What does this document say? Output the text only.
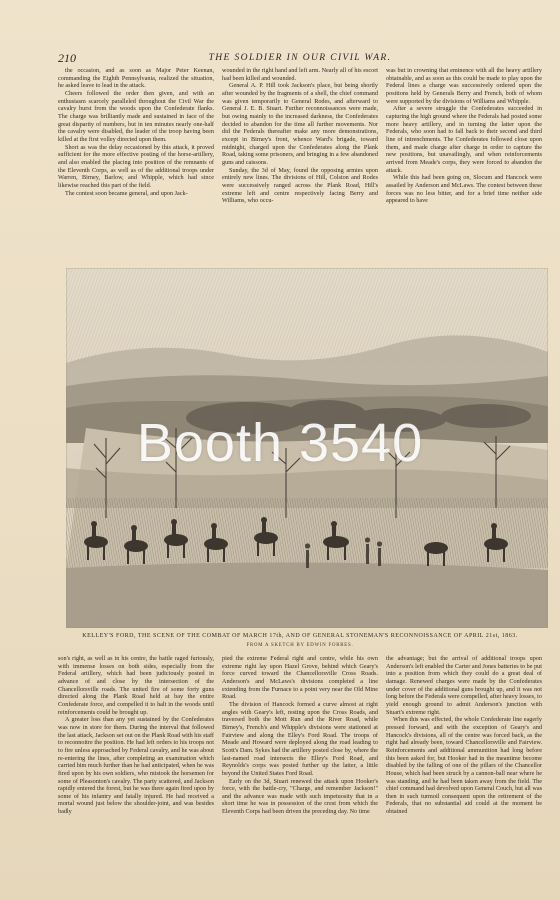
210	THE SOLDIER IN OUR CIVIL WAR.

the occasion, and as soon as Major Peter Keenan, commanding the Eighth Pennsylvania, realized the situation, he asked leave to lead in the attack.

Cheers followed the order then given, and with an enthusiasm scarcely paralleled throughout the Civil War the cavalry burst from the woods upon the Confederate flanks. The charge was brilliantly made and sustained in face of the great disparity of numbers, but in ten minutes nearly one-half the cavalry were disabled, the leader of the troop having been killed at the first volley directed upon them.

Short as was the delay occasioned by this attack, it proved sufficient for the more effective posting of the horse-artillery, and also enabled the placing into position of the remnants of the Eleventh Corps, as well as of the additional troops under Warren, Birney, Barlow, and Whipple, which had since likewise reached this part of the field.

The contest soon became general, and upon Jack-

wounded in the right hand and left arm. Nearly all of his escort had been killed and wounded.

General A. P. Hill took Jackson's place, but being shortly after wounded by the fragments of a shell, the chief command was given temporarily to General Rodes, and afterward to General J. E. B. Stuart. Further reconnoissances were made, but owing mainly to the increased darkness, the Confederates decided to abandon for the time all further movements. Nor did the Federals thereafter make any more demonstrations, except in Birney's front, whence Ward's brigade, toward midnight, charged upon the Confederates along the Plank Road, taking some prisoners, and bringing in a few abandoned guns and caissons.

Sunday, the 3d of May, found the opposing armies upon entirely new lines. The divisions of Hill, Colston and Rodes were successively ranged across the Plank Road, Hill's extreme left and centre respectively facing Berry and Williams, who occu-

was but in crowning that eminence with all the heavy artillery obtainable, and as soon as this could be made to play upon the Federal lines a charge was successively ordered upon the positions held by Generals Berry and French, both of whom were supported by the divisions of Williams and Whipple.

After a severe struggle the Confederates succeeded in capturing the high ground where the Federals had posted some more heavy artillery, and in turning the latter upon the Federals, who soon had to fall back to their second and third line of intrenchments. The Confederates followed close upon them, and made charge after charge in order to capture the new positions, but unavailingly, and when reinforcements arrived from Meade's corps, they were forced to abandon the attack.

While this had been going on, Slocum and Hancock were assailed by Anderson and McLaws. The contest between these forces was no less bitter, and for a brief time neither side appeared to have

KELLEY'S FORD, THE SCENE OF THE COMBAT OF MARCH 17th, AND OF GENERAL STONEMAN'S RECONNOISSANCE OF APRIL 21st, 1863.
FROM A SKETCH BY EDWIN FORBES.

son's right, as well as in his centre, the battle raged furiously, with immense losses on both sides, especially from the Federal artillery, which had been judiciously posted in advance of and close by the intersection of the Chancellorsville roads. The united fire of some forty guns directed along the Plank Road held at bay the entire Confederate force, and compelled it to halt in the woods until reinforcements could be brought up.

A greater loss than any yet sustained by the Confederates was now in store for them. During the interval that followed the last attack, Jackson set out on the Plank Road with his staff to reconnoitre the position. He had left orders to his troops not to fire unless approached by Federal cavalry, and he was about re-entering the lines, after completing an examination which carried him much further than he had anticipated, when he was fired upon by his own soldiers, who mistook the horsemen for some of Pleasonton's cavalry. The party scattered, and Jackson rapidly entered the forest, but he was there again fired upon by some of his infantry and fatally injured. He had received a mortal wound just below the shoulder-joint, and was besides badly

pied the extreme Federal right and centre, while his own extreme right lay upon Hazel Grove, behind which Geary's force curved toward the Chancellorsville Cross Roads. Anderson's and McLaws's divisions completed a line extending from the Furnace to a point very near the Old Mine Road.

The division of Hancock formed a curve almost at right angles with Geary's left, resting upon the Cross Roads, and traversed both the Mott Run and the River Road, while Birney's, French's and Whipple's divisions were stationed at Fairview and along the Elley's Ford Road. The troops of Meade and Howard were deployed along the road leading to Scott's Dam. Sykes had the artillery posted close by, where the last-named road intersects the Elley's Ford Road, and Reynolds's corps was posted further up the latter, a little beyond the United States Ford Road.

Early on the 3d, Stuart renewed the attack upon Hooker's force, with the battle-cry, "Charge, and remember Jackson!" and the advance was made with such impetuosity that in a short time he was in possession of the crest from which the Eleventh Corps had been driven the preceding day. No time

the advantage; but the arrival of additional troops upon Anderson's left enabled the Carter and Jones batteries to be put into a position from which they could do a great deal of damage. Renewed charges were made by the Confederates under cover of the additional guns brought up, and it was not long before the Federals were compelled, after heavy losses, to yield enough ground to admit Anderson's junction with Stuart's extreme right.

When this was effected, the whole Confederate line eagerly pressed forward, and with the exception of Geary's and Hancock's divisions, all of the centre was forced back, as the right had already been, toward Chancellorsville and Fairview. Reinforcements and additional ammunition had long before this been asked for, but Hooker had in the meantime become disabled by the falling of one of the pillars of the Chancellor House, which had been struck by a cannon-ball near where he was standing, and he had been taken away from the field. The chief command had devolved upon General Couch, but all was then in such turmoil consequent upon the retirement of the Federals, that no substantial aid could at the moment be obtained

Booth 3540
